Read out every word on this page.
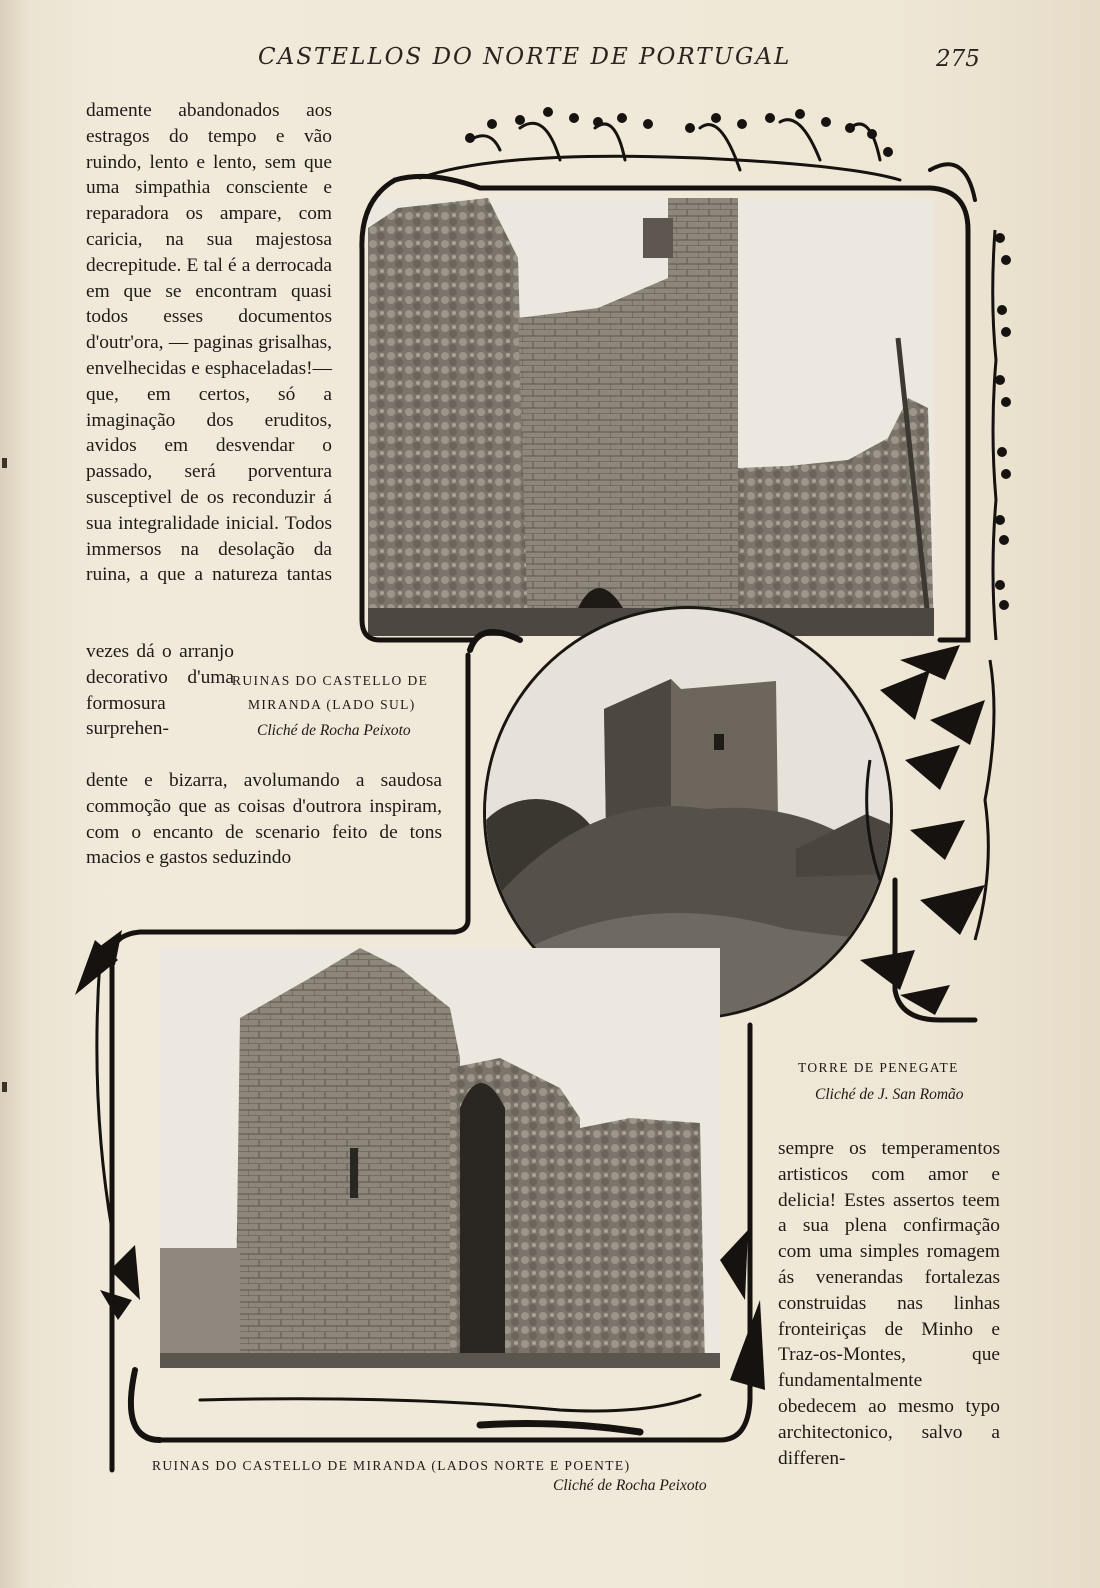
CASTELLOS DO NORTE DE PORTUGAL	275

damente abandonados aos estragos do tempo e vão ruindo, lento e lento, sem que uma simpathia consciente e reparadora os ampare, com caricia, na sua majestosa decrepitude. E tal é a derrocada em que se encontram quasi todos esses documentos d'outr'ora, — paginas grisalhas, envelhecidas e esphaceladas!—que, em certos, só a imaginação dos eruditos, avidos em desvendar o passado, será porventura susceptivel de os reconduzir á sua integralidade inicial. Todos immersos na desolação da ruina, a que a natureza tantas

vezes dá o arranjo decorativo d'uma formosura surprehen-

dente e bizarra, avolumando a saudosa commoção que as coisas d'outrora inspiram, com o encanto de scenario feito de tons macios e gastos seduzindo

sempre os temperamentos artisticos com amor e delicia! Estes assertos teem a sua plena confirmação com uma simples romagem ás venerandas fortalezas construidas nas linhas fronteiriças de Minho e Traz-os-Montes, que fundamentalmente obedecem ao mesmo typo architectonico, salvo a differen-

RUINAS DO CASTELLO DE
MIRANDA (LADO SUL)
Cliché de Rocha Peixoto
TORRE DE PENEGATE
Cliché de J. San Romão
RUINAS DO CASTELLO DE MIRANDA (LADOS NORTE E POENTE)
Cliché de Rocha Peixoto
